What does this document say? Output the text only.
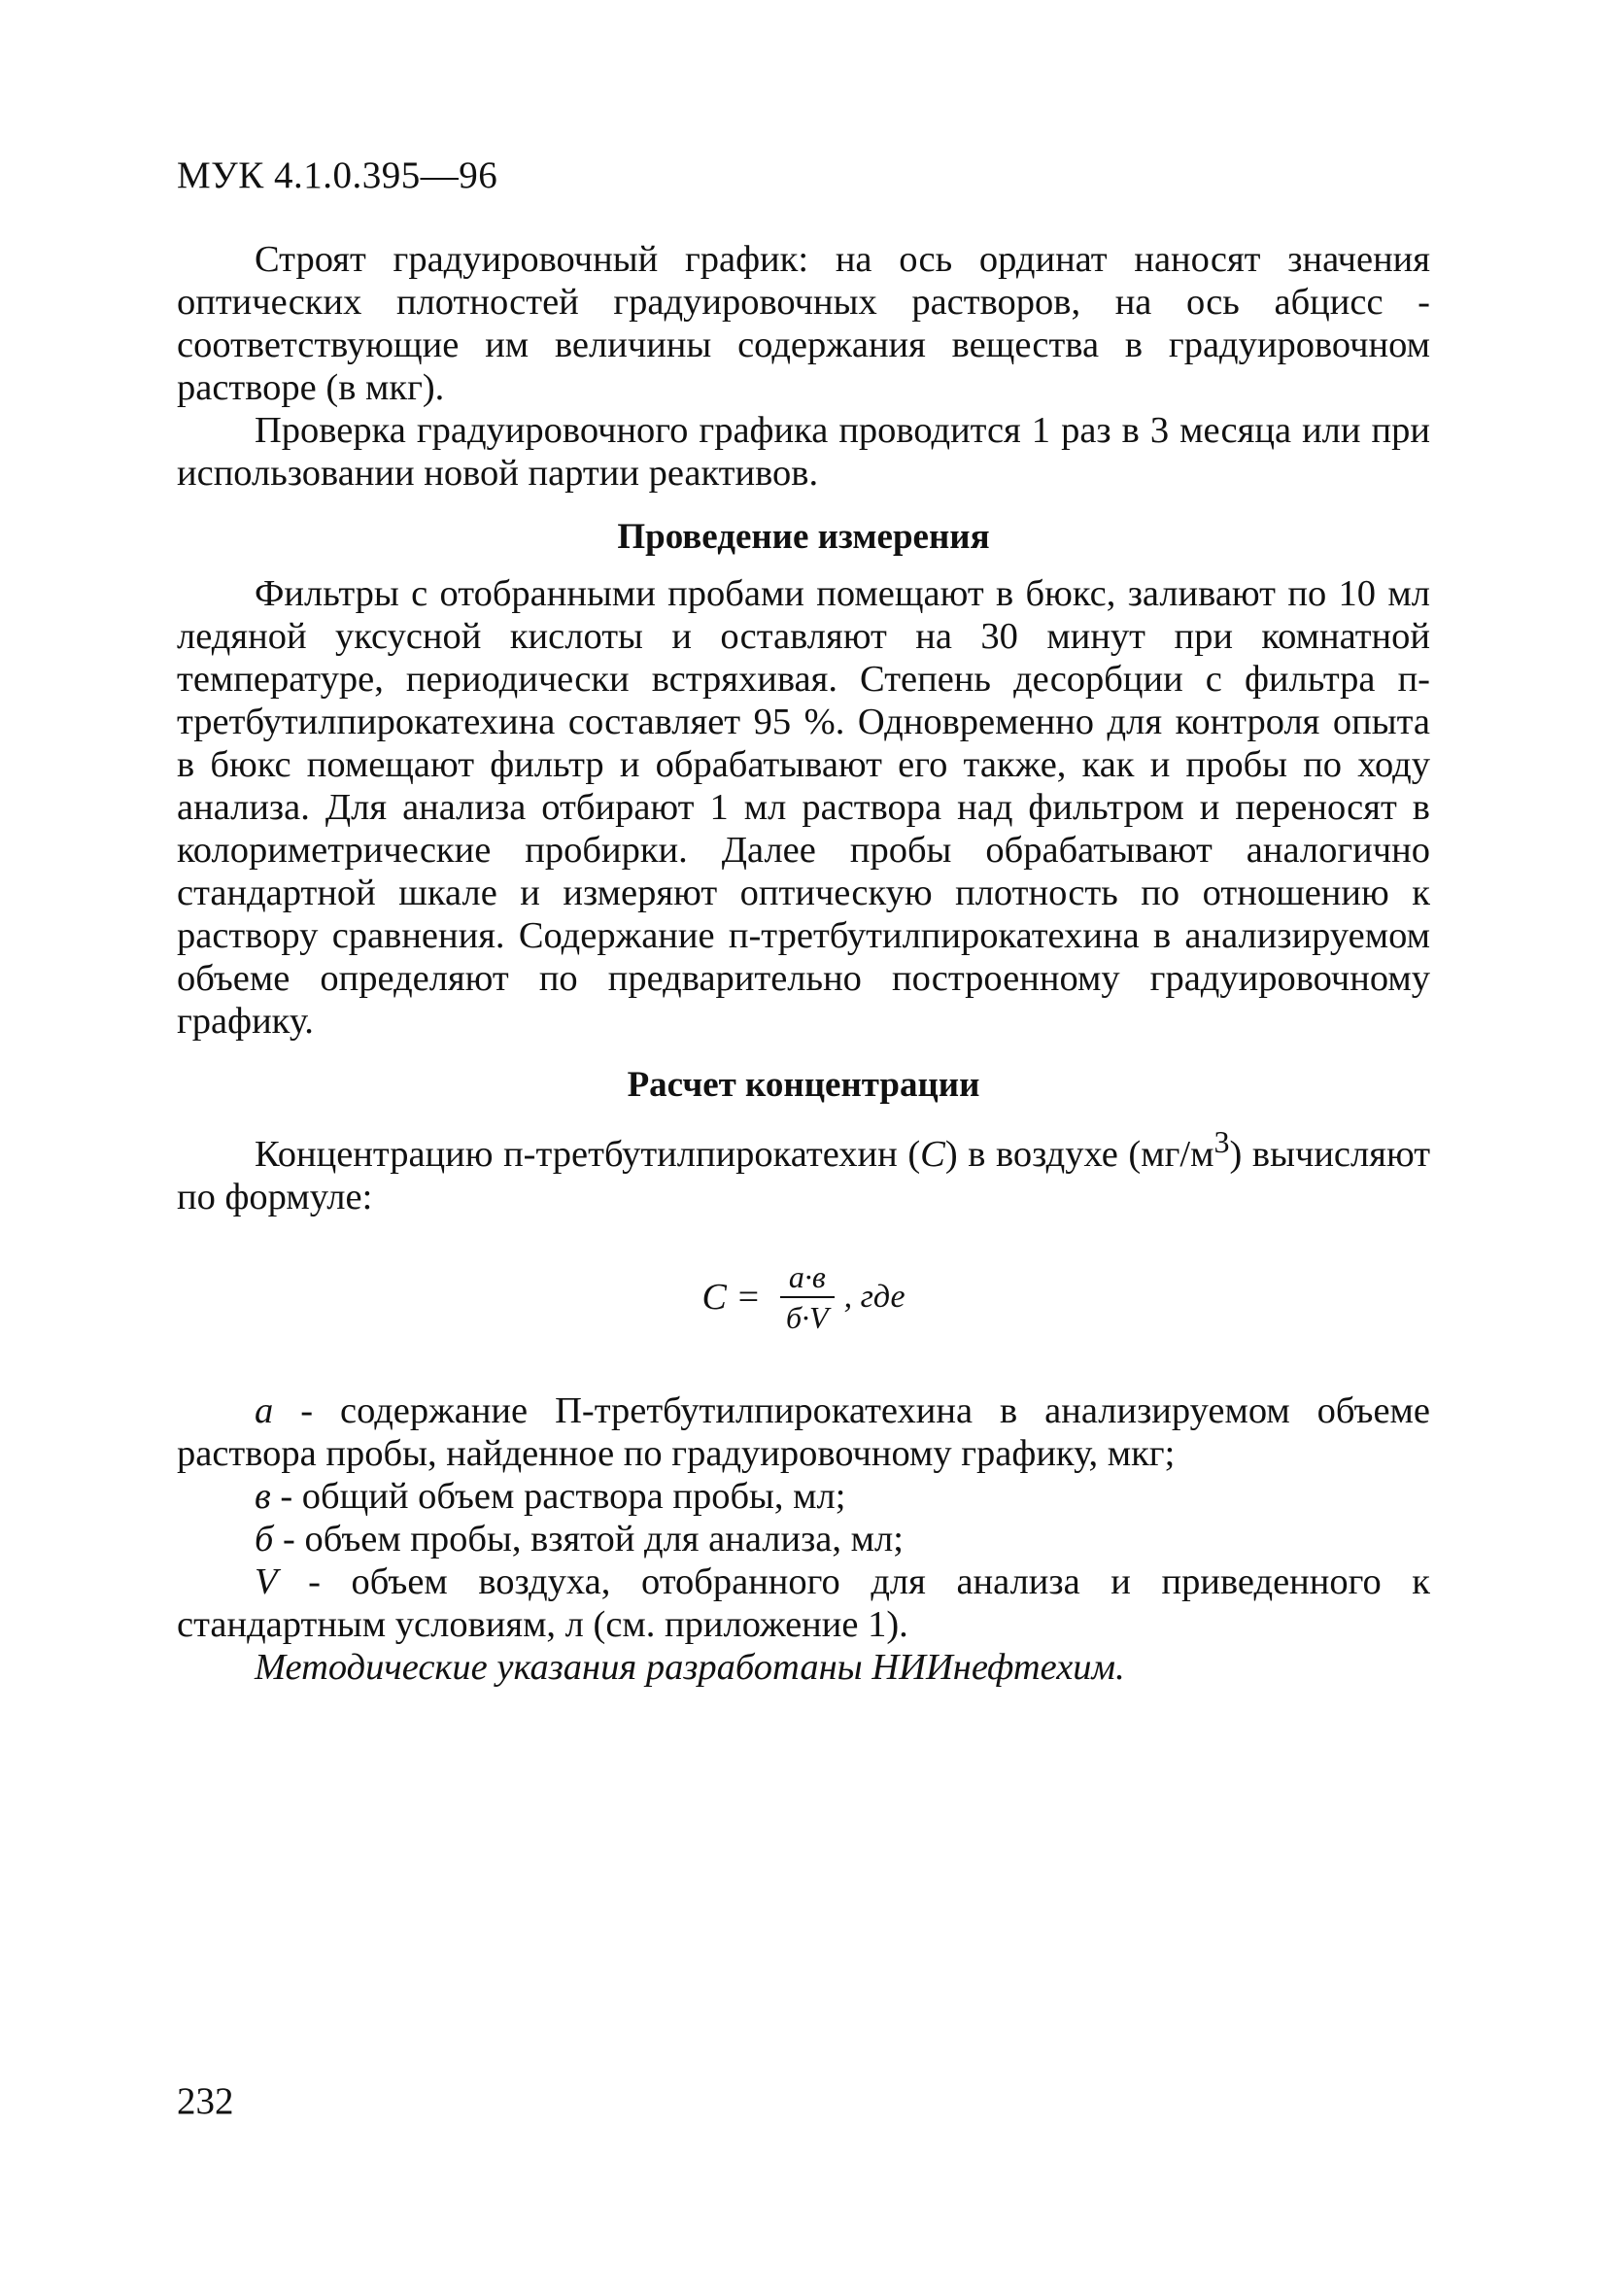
МУК 4.1.0.395—96

Строят градуировочный график: на ось ординат наносят значения оптических плотностей градуировочных растворов, на ось абцисс - соответствующие им величины содержания вещества в градуировочном растворе (в мкг).

Проверка градуировочного графика проводится 1 раз в 3 месяца или при использовании новой партии реактивов.

Проведение измерения

Фильтры с отобранными пробами помещают в бюкс, заливают по 10 мл ледяной уксусной кислоты и оставляют на 30 минут при комнатной температуре, периодически встряхивая. Степень десорбции с фильтра п-третбутилпирокатехина составляет 95 %. Одновременно для контроля опыта в бюкс помещают фильтр и обрабатывают его также, как и пробы по ходу анализа. Для анализа отбирают 1 мл раствора над фильтром и переносят в колориметрические пробирки. Далее пробы обрабатывают аналогично стандартной шкале и измеряют оптическую плотность по отношению к раствору сравнения. Содержание п-третбутилпирокатехина в анализируемом объеме определяют по предварительно построенному градуировочному графику.

Расчет концентрации

Концентрацию п-третбутилпирокатехин (С) в воздухе $(мг/м^3)$ вычисляют по формуле:

$С = \frac{а\cdot в}{б\cdot V}$ , где

а - содержание П-третбутилпирокатехина в анализируемом объеме раствора пробы, найденное по градуировочному графику, мкг;

в - общий объем раствора пробы, мл;

б - объем пробы, взятой для анализа, мл;

V - объем воздуха, отобранного для анализа и приведенного к стандартным условиям, л (см. приложение 1).

Методические указания разработаны НИИнефтехим.

232
